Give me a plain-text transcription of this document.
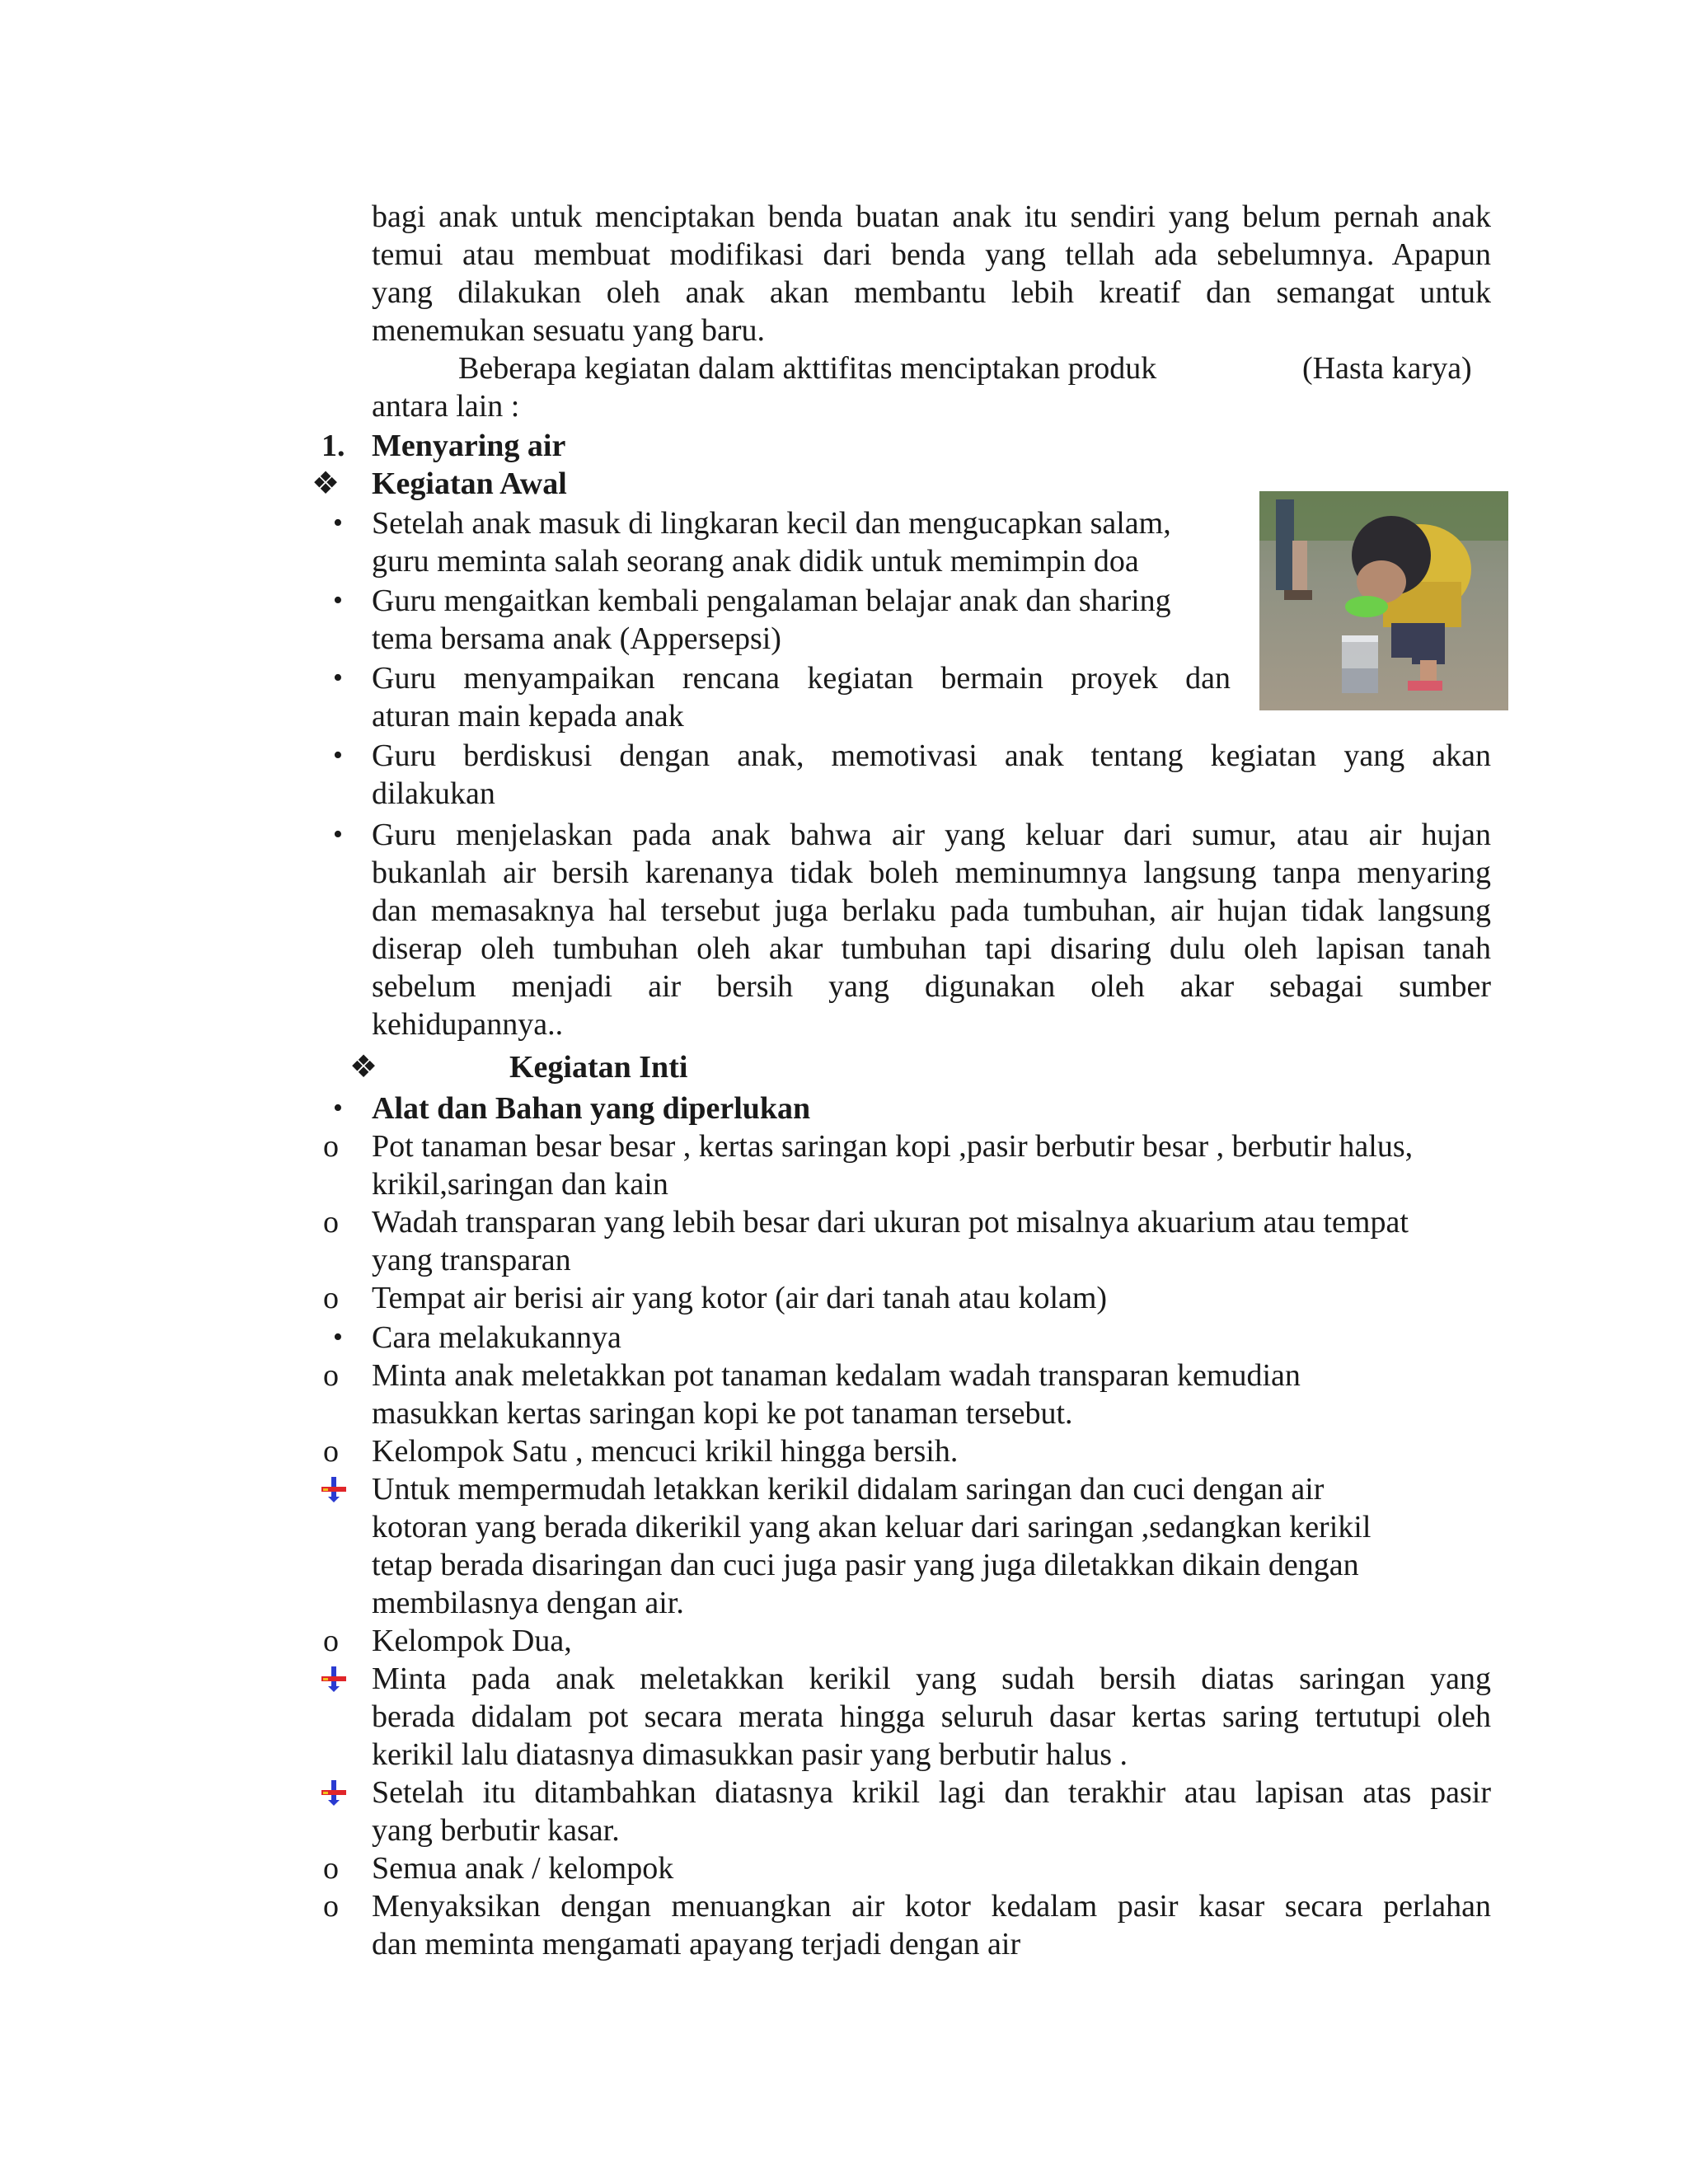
bagi anak untuk menciptakan benda buatan anak itu sendiri yang belum pernah anak
temui atau membuat modifikasi dari benda yang tellah ada sebelumnya. Apapun
yang dilakukan oleh anak akan membantu lebih kreatif dan semangat untuk
menemukan sesuatu yang baru.
Beberapa kegiatan dalam akttifitas menciptakan produk	(Hasta karya)
antara lain :
1. Menyaring air
❖ Kegiatan Awal
• Setelah anak masuk di lingkaran kecil dan mengucapkan salam,
guru meminta salah seorang anak didik untuk memimpin doa
• Guru mengaitkan kembali pengalaman belajar anak dan sharing
tema bersama anak (Appersepsi)
• Guru menyampaikan rencana kegiatan bermain proyek dan
aturan main kepada anak
• Guru berdiskusi dengan anak, memotivasi anak tentang kegiatan yang akan
dilakukan
• Guru menjelaskan pada anak bahwa air yang keluar dari sumur, atau air hujan
bukanlah air bersih karenanya tidak boleh meminumnya langsung tanpa menyaring
dan memasaknya hal tersebut juga berlaku pada tumbuhan, air hujan tidak langsung
diserap oleh tumbuhan oleh akar tumbuhan tapi disaring dulu oleh lapisan tanah
sebelum menjadi air bersih yang digunakan oleh akar sebagai sumber
kehidupannya..
❖	Kegiatan Inti
• Alat dan Bahan yang diperlukan
o Pot tanaman besar besar , kertas saringan kopi ,pasir berbutir besar , berbutir halus,
krikil,saringan dan kain
o Wadah transparan yang lebih besar dari ukuran pot misalnya akuarium atau tempat
yang transparan
o Tempat air berisi air yang kotor (air dari tanah atau kolam)
• Cara melakukannya
o Minta anak meletakkan pot tanaman kedalam wadah transparan kemudian
masukkan kertas saringan kopi ke pot tanaman tersebut.
o Kelompok Satu , mencuci krikil hingga bersih.
Untuk mempermudah letakkan kerikil didalam saringan dan cuci dengan air
kotoran yang berada dikerikil yang akan keluar dari saringan ,sedangkan kerikil
tetap berada disaringan dan cuci juga pasir yang juga diletakkan dikain dengan
membilasnya dengan air.
o Kelompok Dua,
Minta pada anak meletakkan kerikil yang sudah bersih diatas saringan yang
berada didalam pot secara merata hingga seluruh dasar kertas saring tertutupi oleh
kerikil lalu diatasnya dimasukkan pasir yang berbutir halus .
Setelah itu ditambahkan diatasnya krikil lagi dan terakhir atau lapisan atas pasir
yang berbutir kasar.
o Semua anak / kelompok
o Menyaksikan dengan menuangkan air kotor kedalam pasir kasar secara perlahan
dan meminta mengamati apayang terjadi dengan air
